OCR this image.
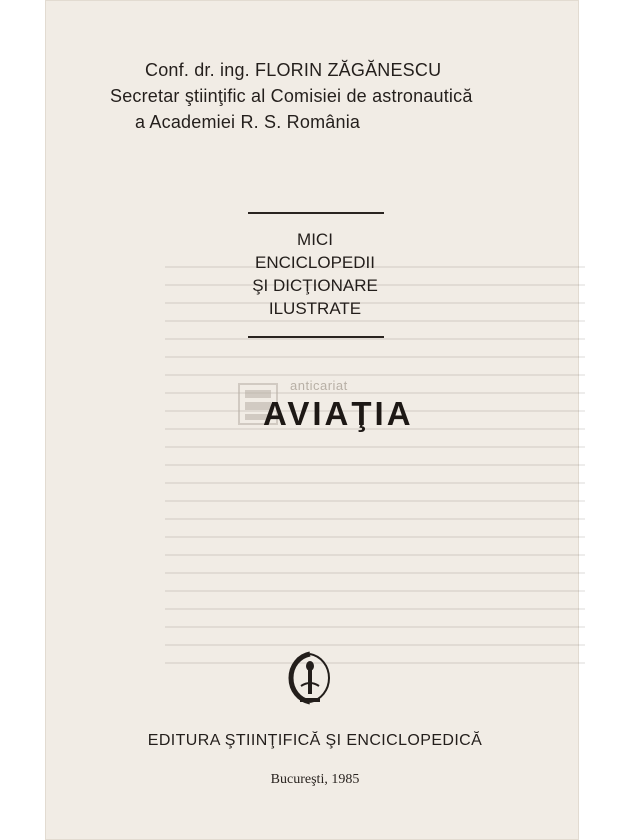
Conf. dr. ing. FLORIN ZĂGĂNESCU
Secretar ştiinţific al Comisiei de astronautică
a Academiei R. S. România
MICI
ENCICLOPEDII
ŞI DICŢIONARE
ILUSTRATE
anticariat
AVIAŢIA
EDITURA ŞTIINŢIFICĂ ŞI ENCICLOPEDICĂ
Bucureşti, 1985
